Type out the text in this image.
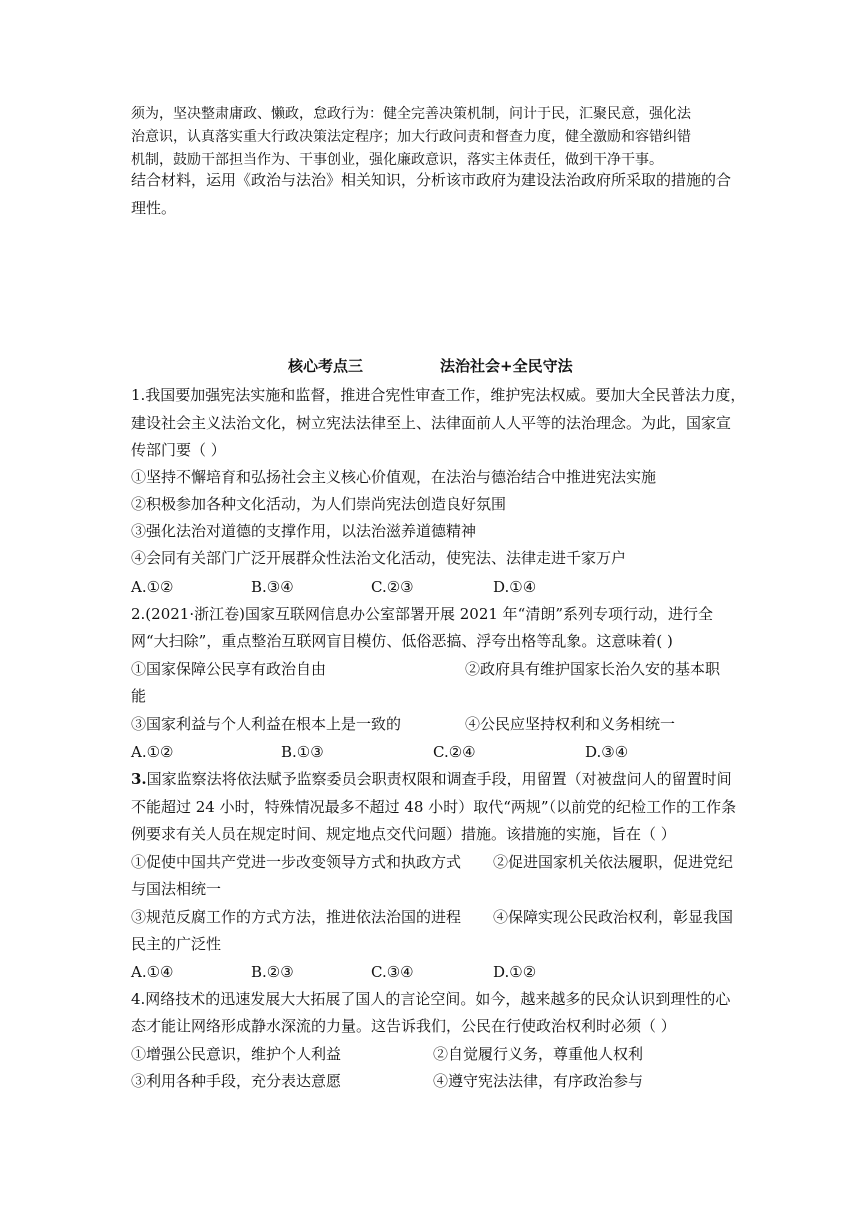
须为，坚决整肃庸政、懒政，怠政行为：健全完善决策机制，问计于民，汇聚民意，强化法
治意识，认真落实重大行政决策法定程序；加大行政问责和督查力度，健全激励和容错纠错
机制，鼓励干部担当作为、干事创业，强化廉政意识，落实主体责任，做到干净干事。
结合材料，运用《政治与法治》相关知识，分析该市政府为建设法治政府所采取的措施的合
理性。
核心考点三	法治社会+全民守法
1.我国要加强宪法实施和监督，推进合宪性审查工作，维护宪法权威。要加大全民普法力度，
建设社会主义法治文化，树立宪法法律至上、法律面前人人平等的法治理念。为此，国家宣
传部门要（ ）
①坚持不懈培育和弘扬社会主义核心价值观，在法治与德治结合中推进宪法实施
②积极参加各种文化活动，为人们崇尚宪法创造良好氛围
③强化法治对道德的支撑作用，以法治滋养道德精神
④会同有关部门广泛开展群众性法治文化活动，使宪法、法律走进千家万户
A.①②	B.③④	C.②③	D.①④
2.(2021·浙江卷)国家互联网信息办公室部署开展 2021 年“清朗”系列专项行动，进行全
网“大扫除”，重点整治互联网盲目模仿、低俗恶搞、浮夸出格等乱象。这意味着( )
①国家保障公民享有政治自由	②政府具有维护国家长治久安的基本职
能
③国家利益与个人利益在根本上是一致的	④公民应坚持权利和义务相统一
A.①②	B.①③	C.②④	D.③④
3.国家监察法将依法赋予监察委员会职责权限和调查手段，用留置（对被盘问人的留置时间
不能超过 24 小时，特殊情况最多不超过 48 小时）取代“两规”（以前党的纪检工作的工作条
例要求有关人员在规定时间、规定地点交代问题）措施。该措施的实施，旨在（ ）
①促使中国共产党进一步改变领导方式和执政方式 ②促进国家机关依法履职，促进党纪
与国法相统一
③规范反腐工作的方式方法，推进依法治国的进程 ④保障实现公民政治权利，彰显我国
民主的广泛性
A.①④	B.②③	C.③④	D.①②
4.网络技术的迅速发展大大拓展了国人的言论空间。如今，越来越多的民众认识到理性的心
态才能让网络形成静水深流的力量。这告诉我们，公民在行使政治权利时必须（ ）
①增强公民意识，维护个人利益	②自觉履行义务，尊重他人权利
③利用各种手段，充分表达意愿	④遵守宪法法律，有序政治参与
